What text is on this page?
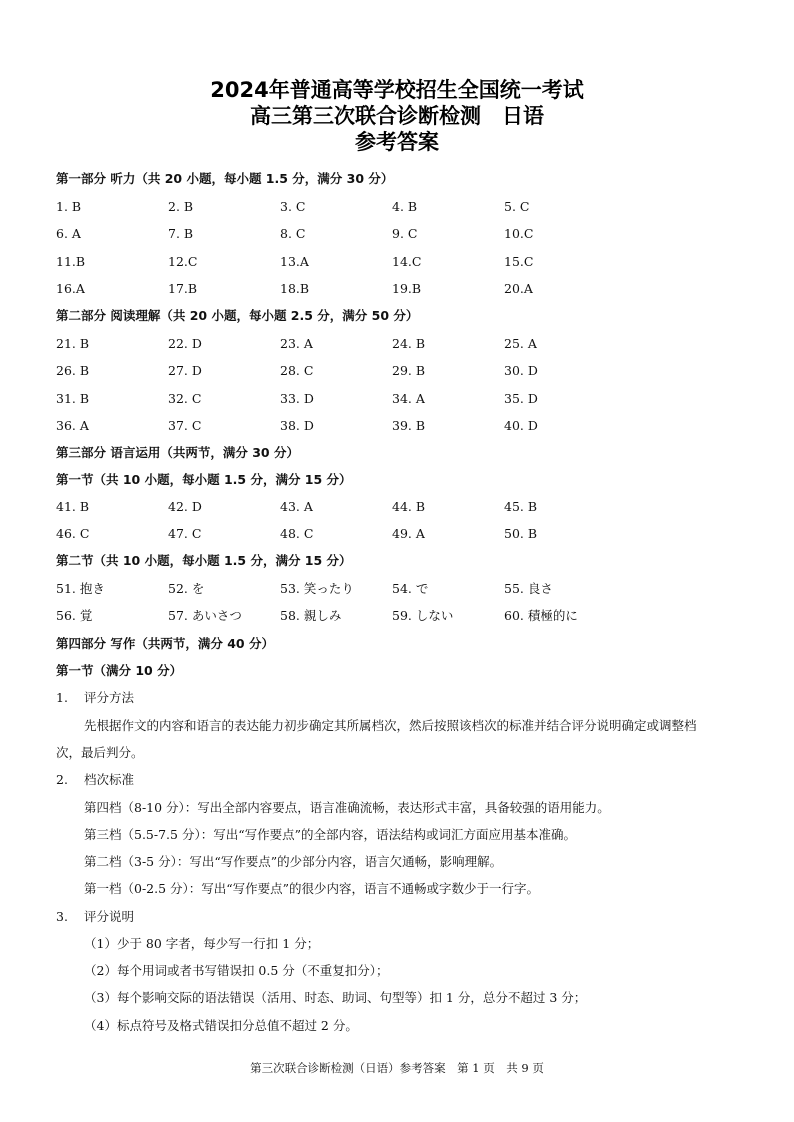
2024年普通高等学校招生全国统一考试
高三第三次联合诊断检测　日语
参考答案
第一部分 听力（共 20 小题，每小题 1.5 分，满分 30 分）
1. B	2. B	3. C	4. B	5. C
6. A	7. B	8. C	9. C	10.C
11.B	12.C	13.A	14.C	15.C
16.A	17.B	18.B	19.B	20.A
第二部分 阅读理解（共 20 小题，每小题 2.5 分，满分 50 分）
21. B	22. D	23. A	24. B	25. A
26. B	27. D	28. C	29. B	30. D
31. B	32. C	33. D	34. A	35. D
36. A	37. C	38. D	39. B	40. D
第三部分 语言运用（共两节，满分 30 分）
第一节（共 10 小题，每小题 1.5 分，满分 15 分）
41. B	42. D	43. A	44. B	45. B
46. C	47. C	48. C	49. A	50. B
第二节（共 10 小题，每小题 1.5 分，满分 15 分）
51. 抱き	52. を	53. 笑ったり	54. で	55. 良さ
56. 覚	57. あいさつ	58. 親しみ	59. しない	60. 積極的に
第四部分 写作（共两节，满分 40 分）
第一节（满分 10 分）
1. 评分方法
先根据作文的内容和语言的表达能力初步确定其所属档次，然后按照该档次的标准并结合评分说明确定或调整档
次，最后判分。
2. 档次标准
第四档（8-10 分）：写出全部内容要点，语言准确流畅，表达形式丰富，具备较强的语用能力。
第三档（5.5-7.5 分）：写出“写作要点”的全部内容，语法结构或词汇方面应用基本准确。
第二档（3-5 分）：写出“写作要点”的少部分内容，语言欠通畅，影响理解。
第一档（0-2.5 分）：写出“写作要点”的很少内容，语言不通畅或字数少于一行字。
3. 评分说明
（1）少于 80 字者，每少写一行扣 1 分；
（2）每个用词或者书写错误扣 0.5 分（不重复扣分）；
（3）每个影响交际的语法错误（活用、时态、助词、句型等）扣 1 分，总分不超过 3 分；
（4）标点符号及格式错误扣分总值不超过 2 分。
第三次联合诊断检测（日语）参考答案　第 1 页　共 9 页
